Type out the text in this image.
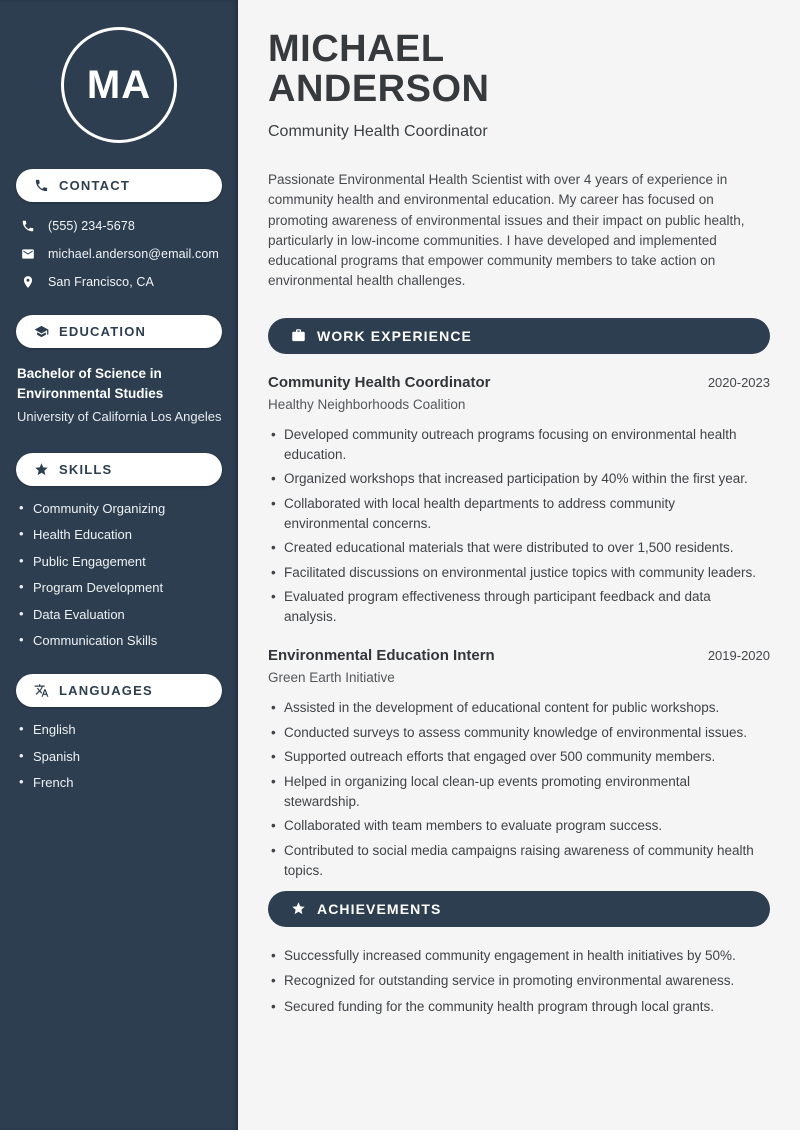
MA
CONTACT
(555) 234-5678
michael.anderson@email.com
San Francisco, CA
EDUCATION
Bachelor of Science in Environmental Studies
University of California Los Angeles
SKILLS
• Community Organizing
• Health Education
• Public Engagement
• Program Development
• Data Evaluation
• Communication Skills
LANGUAGES
• English
• Spanish
• French
MICHAEL
ANDERSON
Community Health Coordinator

Passionate Environmental Health Scientist with over 4 years of experience in community health and environmental education. My career has focused on promoting awareness of environmental issues and their impact on public health, particularly in low-income communities. I have developed and implemented educational programs that empower community members to take action on environmental health challenges.

WORK EXPERIENCE
Community Health Coordinator	2020-2023
Healthy Neighborhoods Coalition
• Developed community outreach programs focusing on environmental health education.
• Organized workshops that increased participation by 40% within the first year.
• Collaborated with local health departments to address community environmental concerns.
• Created educational materials that were distributed to over 1,500 residents.
• Facilitated discussions on environmental justice topics with community leaders.
• Evaluated program effectiveness through participant feedback and data analysis.
Environmental Education Intern	2019-2020
Green Earth Initiative
• Assisted in the development of educational content for public workshops.
• Conducted surveys to assess community knowledge of environmental issues.
• Supported outreach efforts that engaged over 500 community members.
• Helped in organizing local clean-up events promoting environmental stewardship.
• Collaborated with team members to evaluate program success.
• Contributed to social media campaigns raising awareness of community health topics.
ACHIEVEMENTS
• Successfully increased community engagement in health initiatives by 50%.
• Recognized for outstanding service in promoting environmental awareness.
• Secured funding for the community health program through local grants.
